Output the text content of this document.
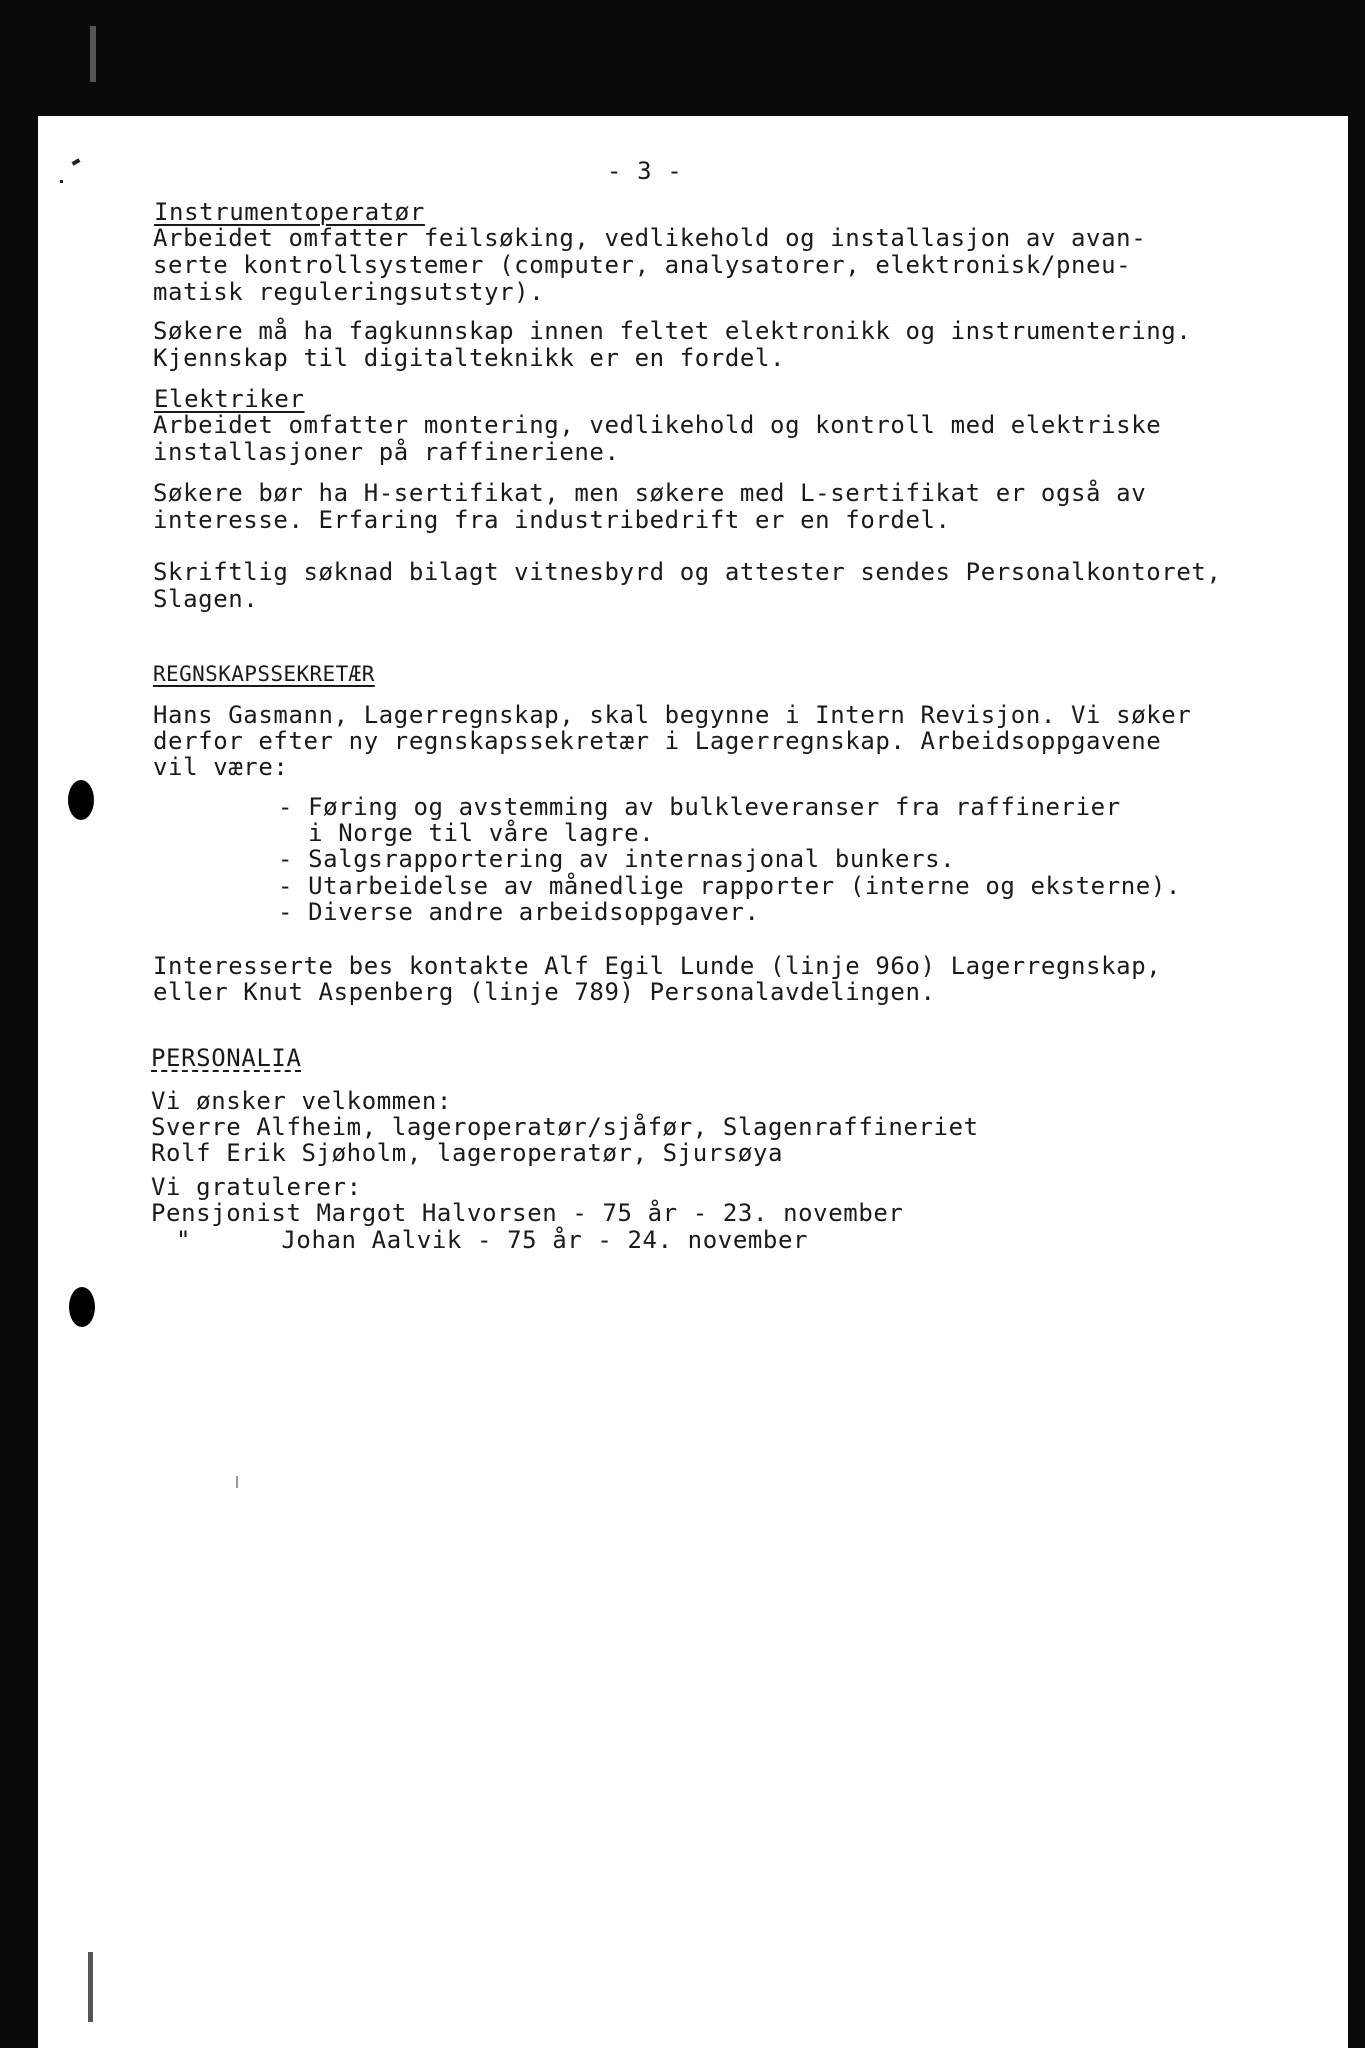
- 3 -
Instrumentoperatør

Arbeidet omfatter feilsøking, vedlikehold og installasjon av avan-
serte kontrollsystemer (computer, analysatorer, elektronisk/pneu-
matisk reguleringsutstyr).

Søkere må ha fagkunnskap innen feltet elektronikk og instrumentering.
Kjennskap til digitalteknikk er en fordel.

Elektriker

Arbeidet omfatter montering, vedlikehold og kontroll med elektriske
installasjoner på raffineriene.

Søkere bør ha H-sertifikat, men søkere med L-sertifikat er også av
interesse. Erfaring fra industribedrift er en fordel.

Skriftlig søknad bilagt vitnesbyrd og attester sendes Personalkontoret,
Slagen.

REGNSKAPSSEKRETÆR

Hans Gasmann, Lagerregnskap, skal begynne i Intern Revisjon. Vi søker
derfor efter ny regnskapssekretær i Lagerregnskap. Arbeidsoppgavene
vil være:

- Føring og avstemming av bulkleveranser fra raffinerier
i Norge til våre lagre.

- Salgsrapportering av internasjonal bunkers.

- Utarbeidelse av månedlige rapporter (interne og eksterne).

- Diverse andre arbeidsoppgaver.

Interesserte bes kontakte Alf Egil Lunde (linje 96o) Lagerregnskap,
eller Knut Aspenberg (linje 789) Personalavdelingen.

PERSONALIA

Vi ønsker velkommen:

Sverre Alfheim, lageroperatør/sjåfør, Slagenraffineriet

Rolf Erik Sjøholm, lageroperatør, Sjursøya

Vi gratulerer:

Pensjonist Margot Halvorsen - 75 år - 23. november

"      Johan Aalvik - 75 år - 24. november
